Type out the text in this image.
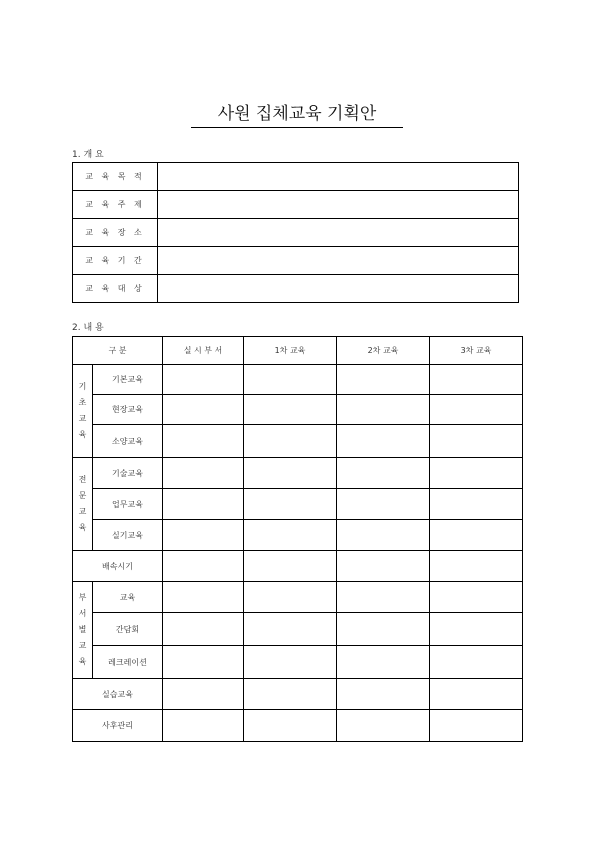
사원 집체교육 기획안

1. 개 요

교 육 목 적	
교 육 주 제	
교 육 장 소	
교 육 기 간	
교 육 대 상	

2. 내 용

구 분		실 시 부 서	1차 교육	2차 교육	3차 교육

기
초
교
육	기본교육				
	현장교육				
	소양교육				

전
문
교
육	기술교육				
	업무교육				
	실기교육				
배속시기					

부
서
별
교
육	교육				
	간담회				
	레크레이션				
실습교육					
사후관리					
